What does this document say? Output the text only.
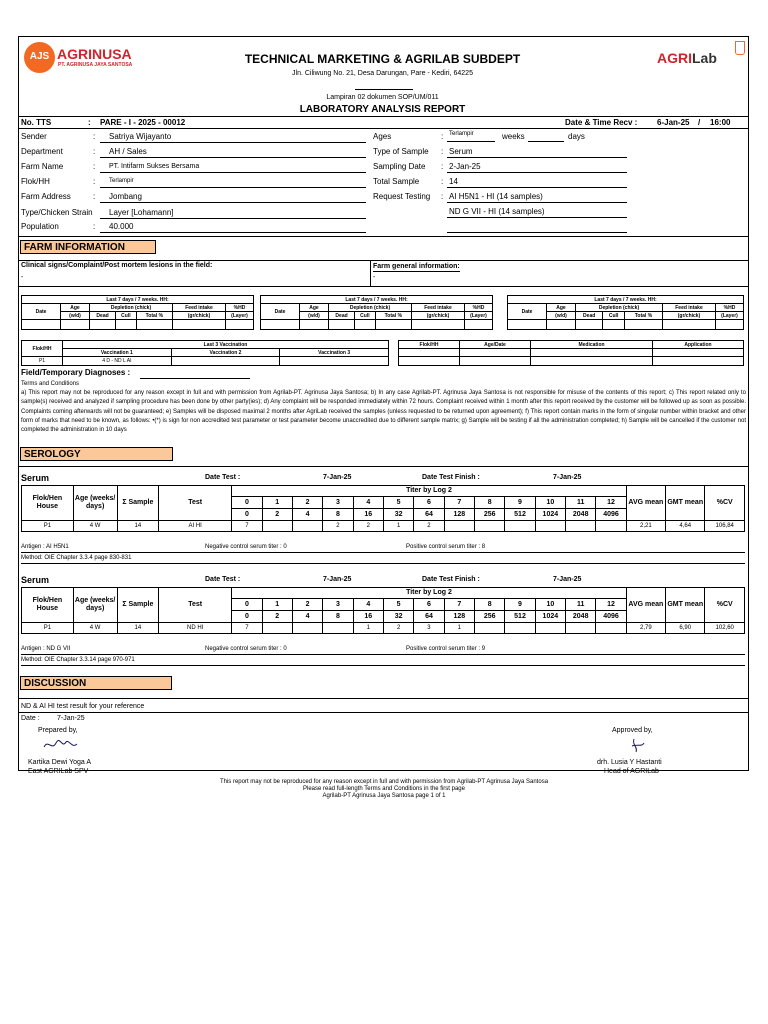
AJS AGRINUSA
PT. AGRINUSA JAYA SANTOSA	TECHNICAL MARKETING & AGRILAB SUBDEPT
Jln. Ciliwung No. 21, Desa Darungan, Pare - Kediri, 64225
AGRILab
Lampiran 02 dokumen SOP/UM/011
LABORATORY ANALYSIS REPORT
No. TTS	: PARE - I - 2025 - 00012	Date & Time Recv : 6-Jan-25 / 16:00
Sender	: Satriya Wijayanto
Department	: AH / Sales
Farm Name	: PT. Intifarm Sukses Bersama
Flok/HH	: Terlampir
Farm Address	: Jombang
Type/Chicken Strain Layer [Lohamann]
Population	: 40.000
Ages	: Terlampir	weeks	days
Type of Sample : Serum
Sampling Date : 2-Jan-25
Total Sample	: 14
Request Testing : AI H5N1 - HI (14 samples)
ND G VII - HI (14 samples)
FARM INFORMATION
Clinical signs/Complaint/Post mortem lesions in the field:
-
Farm general information:
-
Last 7 days / 7 weeks. HH:						
Date	Age	Depletion (chick)			Feed intake	%HD
	(w/d)	Dead	Cull	Total %	(gr/chick)	(Layer)

Last 7 days / 7 weeks. HH:						
Date	Age	Depletion (chick)			Feed intake	%HD
	(w/d)	Dead	Cull	Total %	(gr/chick)	(Layer)

Last 7 days / 7 weeks. HH:						
Date	Age	Depletion (chick)			Feed intake	%HD
	(w/d)	Dead	Cull	Total %	(gr/chick)	(Layer)

Flok/HH	Last 3 Vaccination		
	Vaccination 1	Vaccination 2	Vaccination 3
P1	4 D - ND L AI		
Flok/HH	Age/Date	Medication	Application

Field/Temporary Diagnoses :
Terms and Conditions
a) This report may not be reproduced for any reason except in full and with permission from Agrilab-PT. Agrinusa Jaya Santosa; b) In any case Agrilab-PT. Agrinusa Jaya Santosa is not responsible for misuse of the contents of this report; c) This report related only to sample(s) received and analyzed if sampling procedure has been done by other party(ies); d) Any complaint will be responded immediately within 72 hours. Complaint received within 1 month after this report received by the customer will be followed up as soon as possible. Complaints coming afterwards will not be guaranteed; e) Samples will be disposed maximal 2 months after AgriLab received the samples (unless requested to be returned upon agreement); f) This report contain marks in the form of singular number within bracket and other form of marks that need to be known, as follows: •(*) is sign for non accredited test parameter or test parameter become unaccredited due to different sample matrix; g) Sample will be testing if all the administration completed; h) Sample will be cancelled if the customer not completed the administration in 10 days
SEROLOGY
Serum	Date Test :	7-Jan-25	Date Test Finish :	7-Jan-25
Flok/Hen House	Age (weeks/ days)	Σ Sample	Test	Titer by Log 2													AVG mean	GMT mean	%CV
				0	1	2	3	4	5	6	7	8	9	10	11	12			
				0	2	4	8	16	32	64	128	256	512	1024	2048	4096			
P1	4 W	14	AI HI	7			2	2	1	2							2,21	4,64	106,84
Antigen : AI H5N1	Negative control serum titer : 0	Positive control serum titer : 8
Method: OIE Chapter 3.3.4 page 830-831
Serum	Date Test :	7-Jan-25	Date Test Finish :	7-Jan-25
Flok/Hen House	Age (weeks/ days)	Σ Sample	Test	Titer by Log 2													AVG mean	GMT mean	%CV
				0	1	2	3	4	5	6	7	8	9	10	11	12			
				0	2	4	8	16	32	64	128	256	512	1024	2048	4096			
P1	4 W	14	ND HI	7				1	2	3	1						2,79	6,90	102,60
Antigen : ND G VII	Negative control serum titer : 0	Positive control serum titer : 9
Method: OIE Chapter 3.3.14 page 970-971
DISCUSSION
ND & AI HI test result for your reference
Date : 7-Jan-25
Prepared by,	Approved by,
Kartika Dewi Yoga A
East AGRILab SPV
drh. Lusia Y Hastanti
Head of AGRILab
This report may not be reproduced for any reason except in full and with permission from Agrilab-PT Agrinusa Jaya Santosa
Please read full-length Terms and Conditions in the first page
Agrilab-PT Agrinusa Jaya Santosa page 1 of 1
